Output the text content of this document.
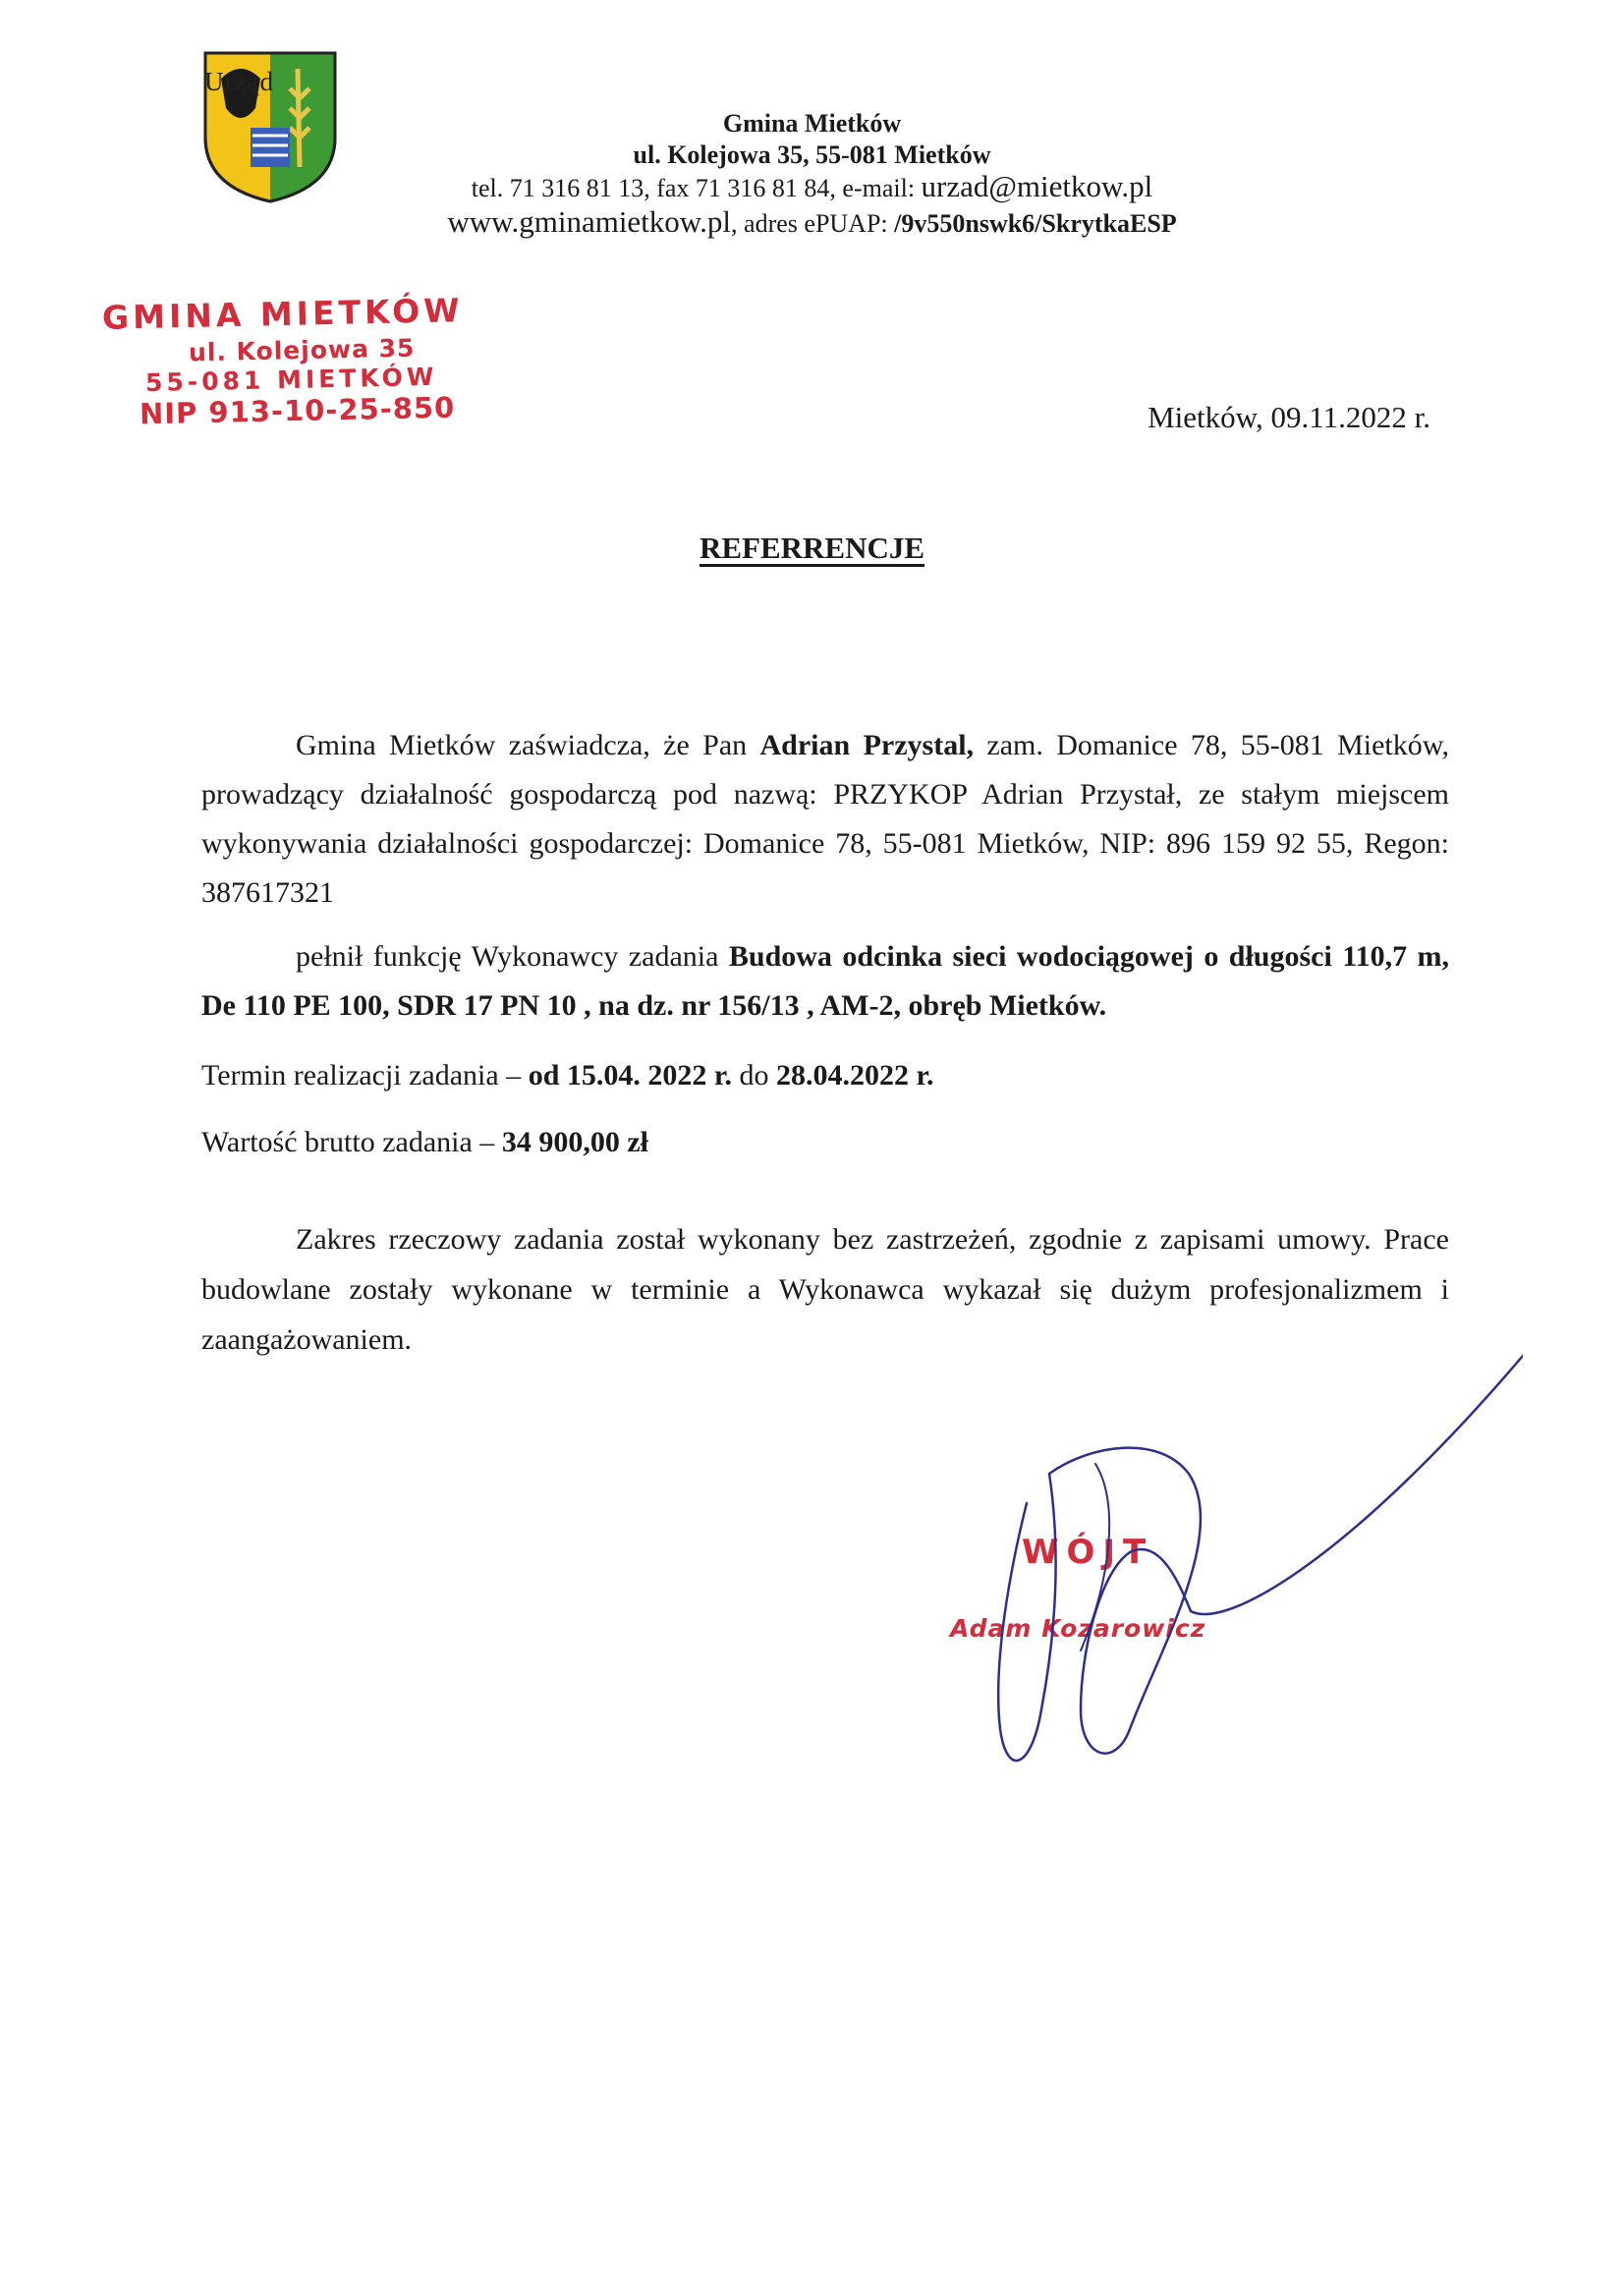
Urząd
Gmina Mietków
ul. Kolejowa 35, 55-081 Mietków
tel. 71 316 81 13, fax 71 316 81 84, e-mail: urzad@mietkow.pl
www.gminamietkow.pl, adres ePUAP: /9v550nswk6/SkrytkaESP
GMINA MIETKÓW
ul. Kolejowa 35
55-081 MIETKÓW
NIP 913-10-25-850	Mietków, 09.11.2022 r.
REFERRENCJE
Gmina Mietków zaświadcza, że Pan Adrian Przystal, zam. Domanice 78, 55-081 Mietków, prowadzący działalność gospodarczą pod nazwą: PRZYKOP Adrian Przystał, ze stałym miejscem wykonywania działalności gospodarczej: Domanice 78, 55-081 Mietków, NIP: 896 159 92 55, Regon: 387617321
pełnił funkcję Wykonawcy zadania Budowa odcinka sieci wodociągowej o długości 110,7 m, De 110 PE 100, SDR 17 PN 10 , na dz. nr 156/13 , AM-2, obręb Mietków.
Termin realizacji zadania – od 15.04. 2022 r. do 28.04.2022 r.
Wartość brutto zadania – 34 900,00 zł
Zakres rzeczowy zadania został wykonany bez zastrzeżeń, zgodnie z zapisami umowy. Prace budowlane zostały wykonane w terminie a Wykonawca wykazał się dużym profesjonalizmem i zaangażowaniem.
WÓJT
Adam Kozarowicz
